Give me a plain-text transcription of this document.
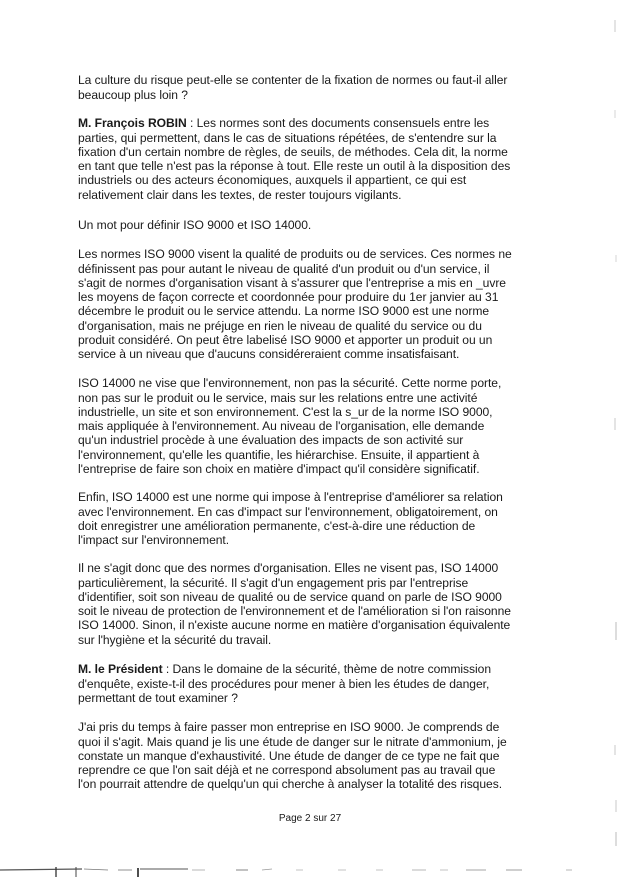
La culture du risque peut-elle se contenter de la fixation de normes ou faut-il aller
beaucoup plus loin ?

M. François ROBIN : Les normes sont des documents consensuels entre les
parties, qui permettent, dans le cas de situations répétées, de s'entendre sur la
fixation d'un certain nombre de règles, de seuils, de méthodes. Cela dit, la norme
en tant que telle n'est pas la réponse à tout. Elle reste un outil à la disposition des
industriels ou des acteurs économiques, auxquels il appartient, ce qui est
relativement clair dans les textes, de rester toujours vigilants.

Un mot pour définir ISO 9000 et ISO 14000.

Les normes ISO 9000 visent la qualité de produits ou de services. Ces normes ne
définissent pas pour autant le niveau de qualité d'un produit ou d'un service, il
s'agit de normes d'organisation visant à s'assurer que l'entreprise a mis en _uvre
les moyens de façon correcte et coordonnée pour produire du 1er janvier au 31
décembre le produit ou le service attendu. La norme ISO 9000 est une norme
d'organisation, mais ne préjuge en rien le niveau de qualité du service ou du
produit considéré. On peut être labelisé ISO 9000 et apporter un produit ou un
service à un niveau que d'aucuns considéreraient comme insatisfaisant.

ISO 14000 ne vise que l'environnement, non pas la sécurité. Cette norme porte,
non pas sur le produit ou le service, mais sur les relations entre une activité
industrielle, un site et son environnement. C'est la s_ur de la norme ISO 9000,
mais appliquée à l'environnement. Au niveau de l'organisation, elle demande
qu'un industriel procède à une évaluation des impacts de son activité sur
l'environnement, qu'elle les quantifie, les hiérarchise. Ensuite, il appartient à
l'entreprise de faire son choix en matière d'impact qu'il considère significatif.

Enfin, ISO 14000 est une norme qui impose à l'entreprise d'améliorer sa relation
avec l'environnement. En cas d'impact sur l'environnement, obligatoirement, on
doit enregistrer une amélioration permanente, c'est-à-dire une réduction de
l'impact sur l'environnement.

Il ne s'agit donc que des normes d'organisation. Elles ne visent pas, ISO 14000
particulièrement, la sécurité. Il s'agit d'un engagement pris par l'entreprise
d'identifier, soit son niveau de qualité ou de service quand on parle de ISO 9000
soit le niveau de protection de l'environnement et de l'amélioration si l'on raisonne
ISO 14000. Sinon, il n'existe aucune norme en matière d'organisation équivalente
sur l'hygiène et la sécurité du travail.

M. le Président : Dans le domaine de la sécurité, thème de notre commission
d'enquête, existe-t-il des procédures pour mener à bien les études de danger,
permettant de tout examiner ?

J'ai pris du temps à faire passer mon entreprise en ISO 9000. Je comprends de
quoi il s'agit. Mais quand je lis une étude de danger sur le nitrate d'ammonium, je
constate un manque d'exhaustivité. Une étude de danger de ce type ne fait que
reprendre ce que l'on sait déjà et ne correspond absolument pas au travail que
l'on pourrait attendre de quelqu'un qui cherche à analyser la totalité des risques.

Page 2 sur 27
